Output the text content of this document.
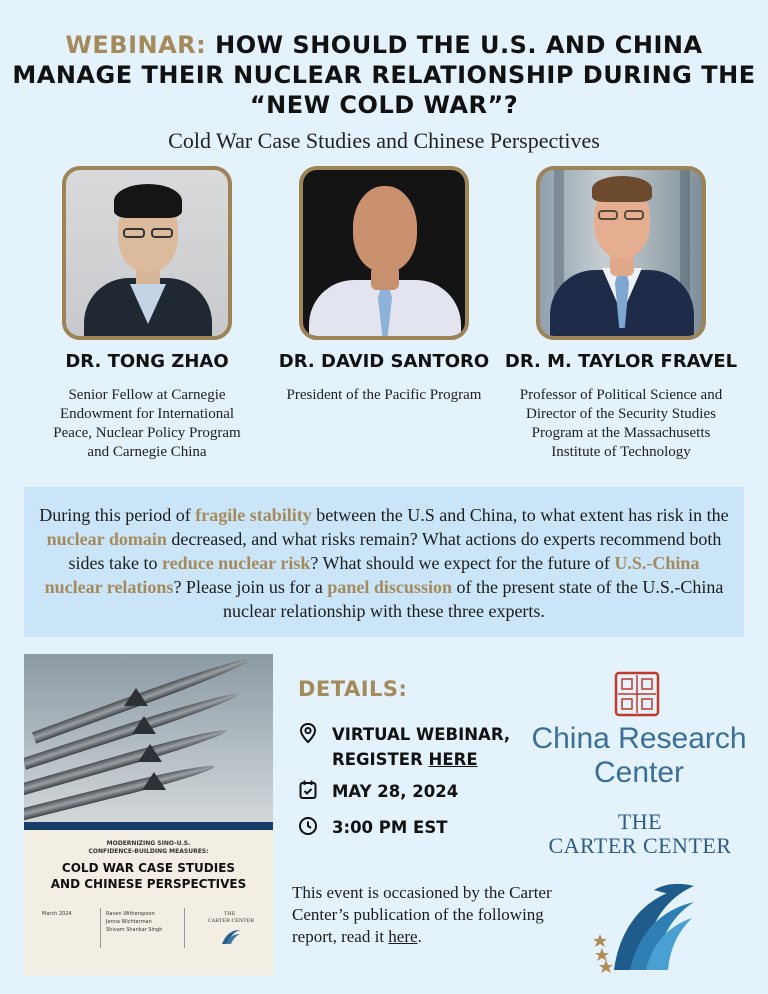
WEBINAR: HOW SHOULD THE U.S. AND CHINA
MANAGE THEIR NUCLEAR RELATIONSHIP DURING THE
“NEW COLD WAR”?
Cold War Case Studies and Chinese Perspectives
DR. TONG ZHAO	DR. DAVID SANTORO DR. M. TAYLOR FRAVEL
Senior Fellow at Carnegie Endowment for International Peace, Nuclear Policy Program and Carnegie China
President of the Pacific Program	Professor of Political Science and Director of the Security Studies Program at the Massachusetts Institute of Technology
During this period of fragile stability between the U.S and China, to what extent has risk in the nuclear domain decreased, and what risks remain? What actions do experts recommend both sides take to reduce nuclear risk? What should we expect for the future of U.S.-China nuclear relations? Please join us for a panel discussion of the present state of the U.S.-China nuclear relationship with these three experts.
MODERNIZING SINO-U.S.
CONFIDENCE-BUILDING MEASURES:
COLD WAR CASE STUDIES
AND CHINESE PERSPECTIVES
March 2024	Raven Witherspoon
Jenna Wichterman
Shivam Shankar Singh
THE
CARTER CENTER
DETAILS:
VIRTUAL WEBINAR,
REGISTER HERE
MAY 28, 2024
3:00 PM EST
This event is occasioned by the Carter Center’s publication of the following report, read it here.
China Research
Center
THE
CARTER CENTER
